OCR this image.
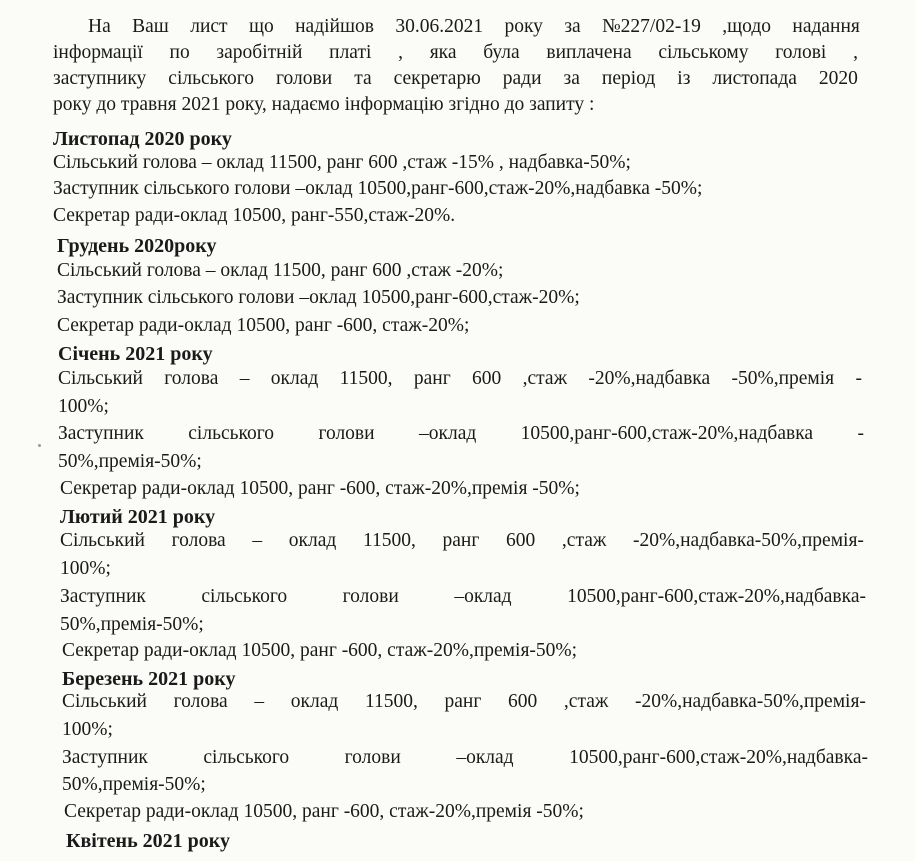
На Ваш лист що надійшов 30.06.2021 року за №227/02-19 ,щодо надання
інформації по заробітній платі , яка була виплачена сільському голові ,
заступнику сільського голови та секретарю ради за період із листопада 2020
року до травня 2021 року, надаємо інформацію згідно до запиту :
Листопад 2020 року
Сільський голова – оклад 11500, ранг 600 ,стаж -15% , надбавка-50%;
Заступник сільського голови –оклад 10500,ранг-600,стаж-20%,надбавка -50%;
Секретар ради-оклад 10500, ранг-550,стаж-20%.
Грудень 2020року
Сільський голова – оклад 11500, ранг 600 ,стаж -20%;
Заступник сільського голови –оклад 10500,ранг-600,стаж-20%;
Секретар ради-оклад 10500, ранг -600, стаж-20%;
Січень 2021 року
Сільський голова – оклад 11500, ранг 600 ,стаж -20%,надбавка -50%,премія -
100%;
Заступник сільського голови –оклад 10500,ранг-600,стаж-20%,надбавка -
50%,премія-50%;
Секретар ради-оклад 10500, ранг -600, стаж-20%,премія -50%;
Лютий 2021 року
Сільський голова – оклад 11500, ранг 600 ,стаж -20%,надбавка-50%,премія-
100%;
Заступник	сільського	голови	–оклад	10500,ранг-600,стаж-20%,надбавка-
50%,премія-50%;
Секретар ради-оклад 10500, ранг -600, стаж-20%,премія-50%;
Березень 2021 року
Сільський голова – оклад 11500, ранг 600 ,стаж -20%,надбавка-50%,премія-
100%;
Заступник	сільського	голови	–оклад	10500,ранг-600,стаж-20%,надбавка-
50%,премія-50%;
Секретар ради-оклад 10500, ранг -600, стаж-20%,премія -50%;
Квітень 2021 року
